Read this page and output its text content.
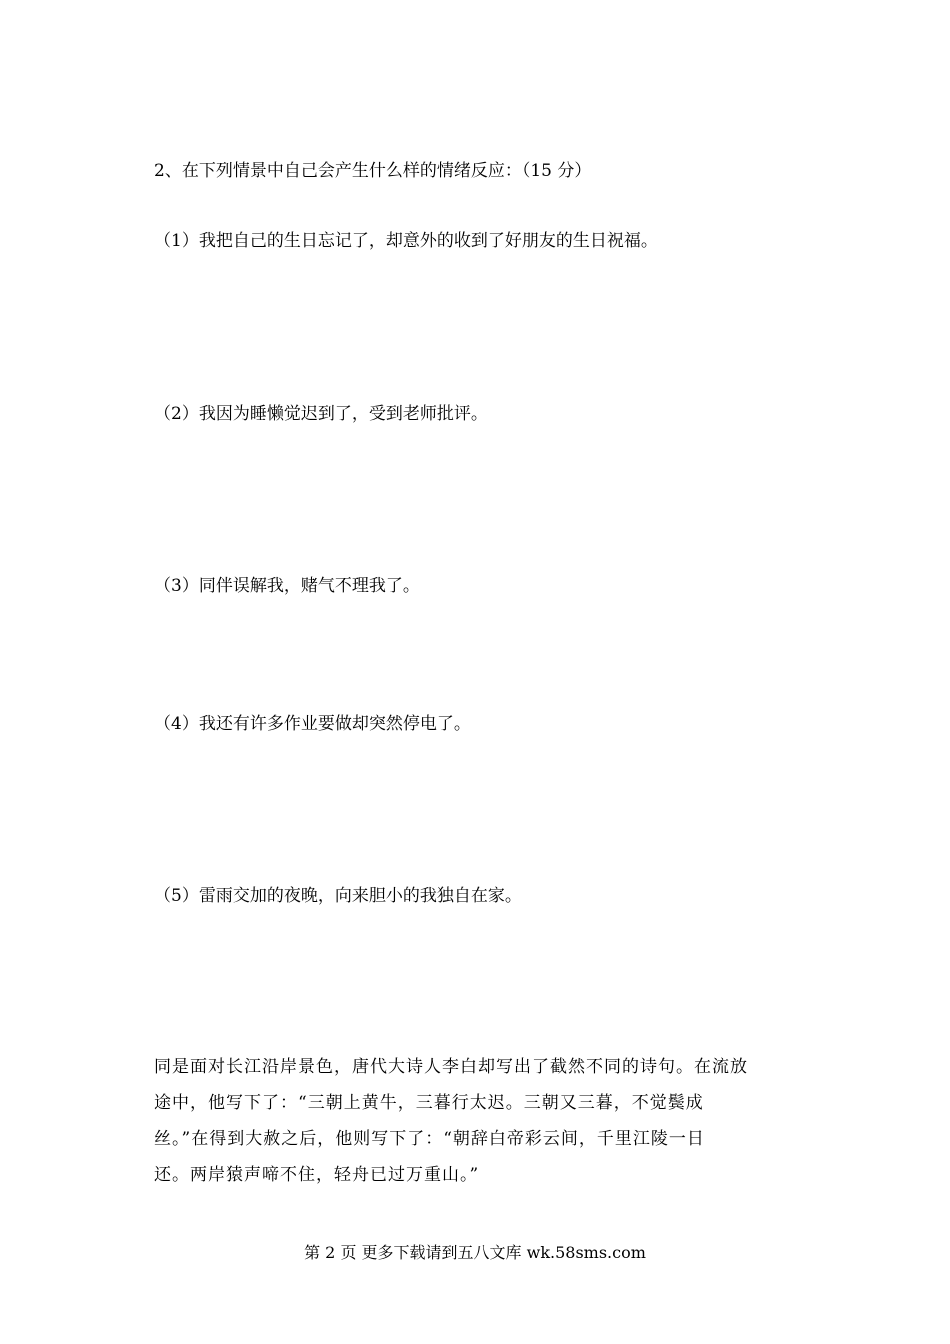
2、在下列情景中自己会产生什么样的情绪反应：（15 分）
（1）我把自己的生日忘记了，却意外的收到了好朋友的生日祝福。
（2）我因为睡懒觉迟到了，受到老师批评。
（3）同伴误解我，赌气不理我了。
（4）我还有许多作业要做却突然停电了。
（5）雷雨交加的夜晚，向来胆小的我独自在家。
同是面对长江沿岸景色，唐代大诗人李白却写出了截然不同的诗句。在流放
途中，他写下了：“三朝上黄牛，三暮行太迟。三朝又三暮，不觉鬓成
丝。”在得到大赦之后，他则写下了：“朝辞白帝彩云间，千里江陵一日
还。两岸猿声啼不住，轻舟已过万重山。”
第 2 页 更多下载请到五八文库 wk.58sms.com
